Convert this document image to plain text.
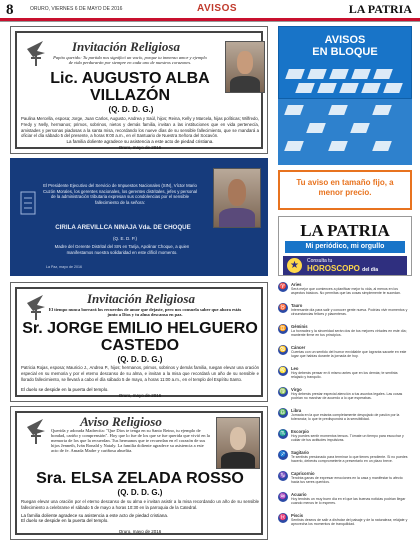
8	ORURO, VIERNES 6 DE MAYO DE 2016	AVISOS	LA PATRIA
Invitación Religiosa
Papito querido: Tu partida nos significó un vacío, porque tu inmenso amor y ejemplo de vida perdurarán por siempre en cada uno de nuestros corazones.
Lic. AUGUSTO ALBA
VILLAZÓN
(Q. D. D. G.)
Paulina Mercella, esposa; Jorge, Juan Carlos, Augusto, Andrea y Saúl, hijos; Reina, Kelly y Marcela, hijas políticas; Wilfredo, Fredy y Nelly, hermanos; primos, sobrinos, nietos y demás familia, invitan a las instituciones que en vida pertenecía, amistades y personas piadosas a la santa misa, recordando los nueve días de su sensible fallecimiento, que se mandará a oficiar el día sábado 5 del presente, a horas 9:00 a.m., en el Santuario de Nuestra Señora del Socavón.
La familia doliente agradece su asistencia a este acto de piedad cristiana.
Oruro, mayo de 2016
El Presidente Ejecutivo del Servicio de Impuestos Nacionales (SIN), Víctor Mario Cuzón Morales, los gerentes nacionales, los gerentes distritales, jefes y personal de la administración tributaria expresan sus condolencias por el sensible fallecimiento de la señora:
CIRILA AREVILLCA NINAJA Vda. DE CHOQUE
(Q. E. D. P.)
Madre del Gerente Distrital del SIN en Tarija, Apolinar Choque, a quien manifestamos nuestra solidaridad en este difícil momento.
La Paz, mayo de 2016
Invitación Religiosa
El tiempo nunca borrará los recuerdos de amor que dejaste, pero nos consuela saber que ahora estás junto a Dios y tu alma descansa en paz.
Sr. JORGE EMILIO HELGUERO
CASTEDO
(Q. D. D. G.)
Patricia Rojas, esposa; Mauricio J., Andrea P., hijos; hermanos, primos, sobrinos y demás familia, ruegan elevar una oración especial en su memoria y por el eterno descanso de su alma, e invitan a la misa que recordará un año de su sensible e llorado fallecimiento, se llevará a cabo el día sábado 5 de mayo, a horas 11:00 a.m., en el templo del Espíritu Santo.
El duelo se despide en la puerta del templo.
Oruro, mayo de 2016
Aviso Religioso
Querida y adorada Madrecita: "Que Dios te tenga en su Santo Reino, tu ejemplo de bondad, cariño y comprensión". Hoy que lo fue de los que se fue querida que vivió en la memoria de los que la recuerdan. Tus hermanos que te recuerdan en el corazón de sus hijos Jenneth, Iván Ronald y Nataly. La familia doliente agradece su asistencia a este acto de fe. Amada Madre y cariñosa abuelita.
Sra. ELSA ZELADA ROSSO
(Q. D. D. G.)
Ruegan elevar una oración por el eterno descanso de su alma e invitan asistir a la misa recordando un año de su sensible fallecimiento a celebrarse el sábado 5 de mayo a horas 10:30 en la parroquia de la Catedral.
La familia doliente agradece su asistencia a este acto de piedad cristiana. El duelo se despide en la puerta del templo.
Oruro, mayo de 2016
AVISOS
EN BLOQUE
Tu aviso en tamaño fijo, a menor precio.
LA PATRIA
Mi periódico, mi orgullo
★	Consulta tu
HOROSCOPO del día
♈	Aries
Será mejor que comiences a planificar mejor tu vida, al menos en los aspectos básicos. No permitas que las cosas simplemente te sucedan.
♉	Tauro
Interesante día para salir y conocer gente nueva. Podrías vivir momentos y circunstancias felices y placenteras.
♊	Géminis
La honradez y la sinceridad serán dos de tus mejores virtudes en este día; mantente firme en tus principios.
♋	Cáncer
Cuentas con un sentido del humor envidiable que lograrás sacarte en este lugar que habías durante la jornada de hoy.
♌	Leo
Hoy deberás pensar en ti mismo antes que en los demás; te sentirás relajado y tranquilo.
♍	Virgo
Hoy deberás prestar especial atención a tus asuntos legales. Las cosas podrían no marchar de acuerdo a lo que esperabas.
♎	Libra
Jornada en la que estarás completamente despojado de pasión por la tolerancia; lo que te predispondrá a la sensibilidad.
♏	Escorpio
Hoy puedes sentir momentos tensos. Tómate un tiempo para escuchar y cuidar de tus actitudes impulsivas.
♐	Sagitario
Te sentirás presionado para terminar lo que tienes pendiente. Si no puedes hacerlo, deberás comprometerte a presentarlo en un plazo breve.
♑	Capricornio
Tendrás ganas de expresar emociones en la casa y manifestar tu afecto hacia tus seres queridos.
♒	Acuario
Hoy tendrás un muy buen día en el que las buenas noticias podrían llegar cuando menos te lo esperes.
♓	Piscis
Sentirás deseos de salir a disfrutar del paisaje y de la naturaleza; relájate y aprovecha los momentos de tranquilidad.
